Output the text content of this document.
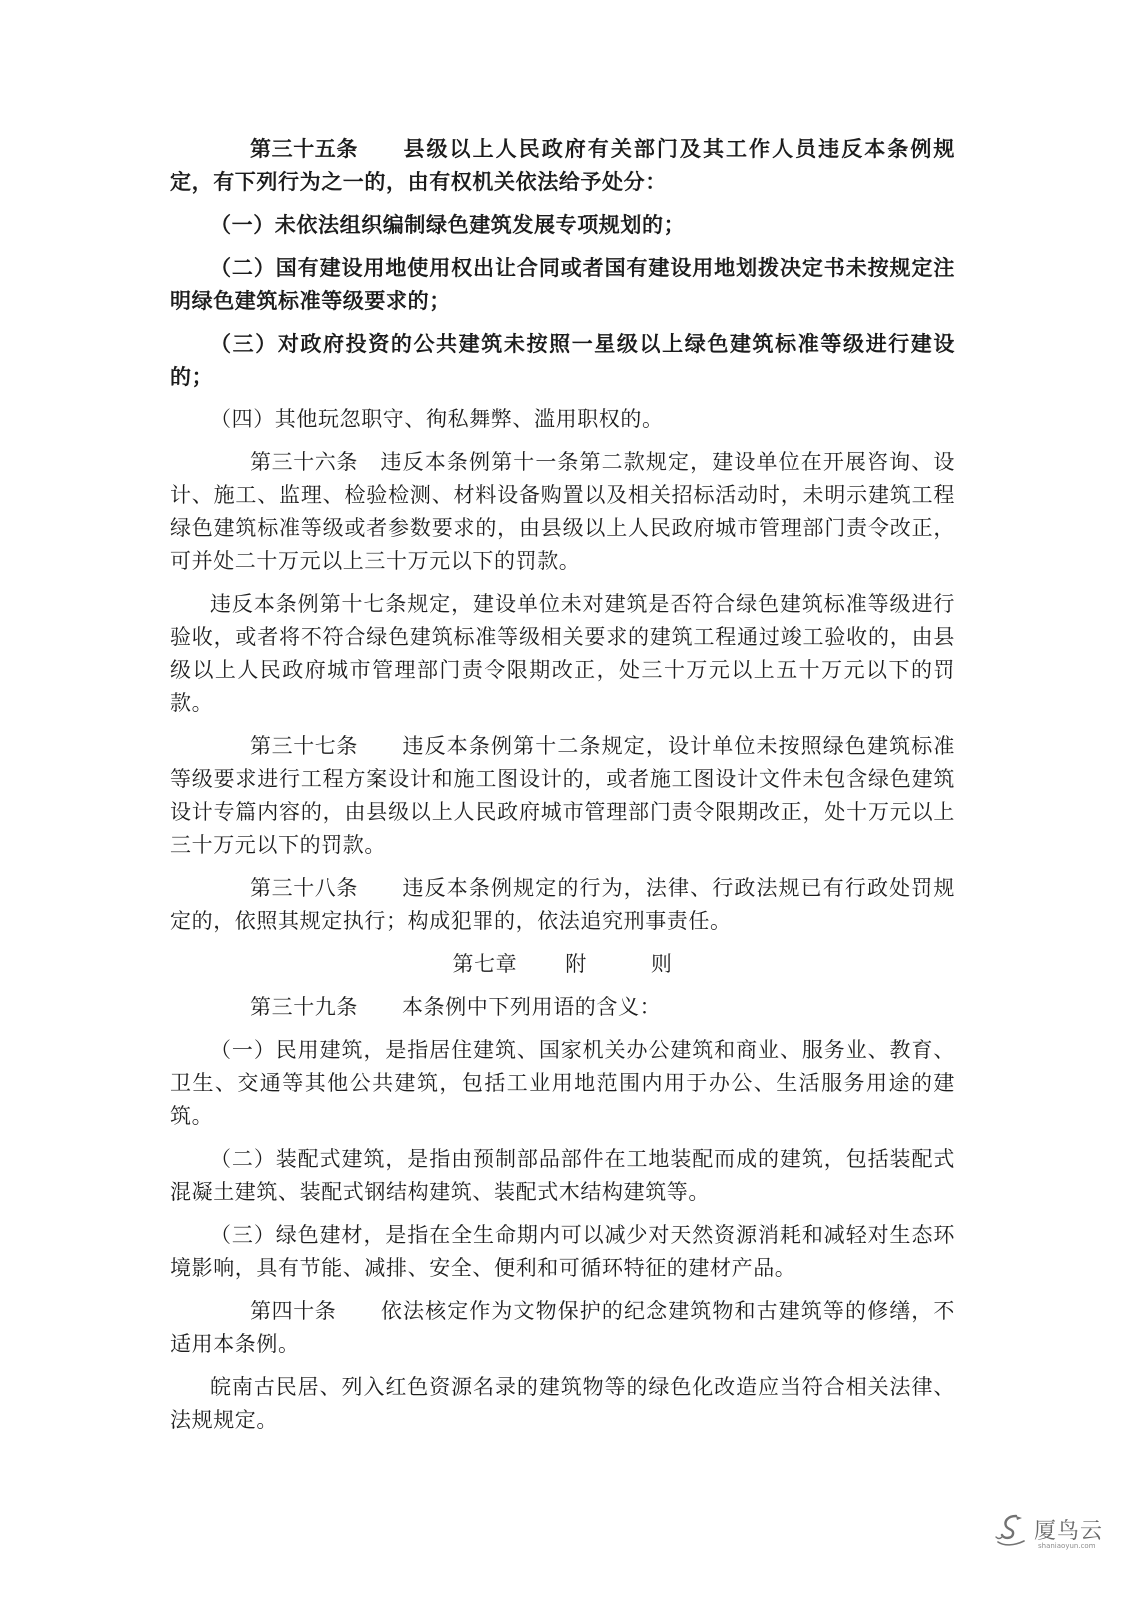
第三十五条 县级以上人民政府有关部门及其工作人员违反本条例规定，有下列行为之一的，由有权机关依法给予处分：

（一）未依法组织编制绿色建筑发展专项规划的；

（二）国有建设用地使用权出让合同或者国有建设用地划拨决定书未按规定注明绿色建筑标准等级要求的；

（三）对政府投资的公共建筑未按照一星级以上绿色建筑标准等级进行建设的；

（四）其他玩忽职守、徇私舞弊、滥用职权的。

第三十六条 违反本条例第十一条第二款规定，建设单位在开展咨询、设计、施工、监理、检验检测、材料设备购置以及相关招标活动时，未明示建筑工程绿色建筑标准等级或者参数要求的，由县级以上人民政府城市管理部门责令改正，可并处二十万元以上三十万元以下的罚款。

违反本条例第十七条规定，建设单位未对建筑是否符合绿色建筑标准等级进行验收，或者将不符合绿色建筑标准等级相关要求的建筑工程通过竣工验收的，由县级以上人民政府城市管理部门责令限期改正，处三十万元以上五十万元以下的罚款。

第三十七条 违反本条例第十二条规定，设计单位未按照绿色建筑标准等级要求进行工程方案设计和施工图设计的，或者施工图设计文件未包含绿色建筑设计专篇内容的，由县级以上人民政府城市管理部门责令限期改正，处十万元以上三十万元以下的罚款。

第三十八条 违反本条例规定的行为，法律、行政法规已有行政处罚规定的，依照其规定执行；构成犯罪的，依法追究刑事责任。

第七章 附	则

第三十九条 本条例中下列用语的含义：

（一）民用建筑，是指居住建筑、国家机关办公建筑和商业、服务业、教育、卫生、交通等其他公共建筑，包括工业用地范围内用于办公、生活服务用途的建筑。

（二）装配式建筑，是指由预制部品部件在工地装配而成的建筑，包括装配式混凝土建筑、装配式钢结构建筑、装配式木结构建筑等。

（三）绿色建材，是指在全生命期内可以减少对天然资源消耗和减轻对生态环境影响，具有节能、减排、安全、便利和可循环特征的建材产品。

第四十条 依法核定作为文物保护的纪念建筑物和古建筑等的修缮，不适用本条例。

皖南古民居、列入红色资源名录的建筑物等的绿色化改造应当符合相关法律、法规规定。

厦鸟云
shaniaoyun.com
